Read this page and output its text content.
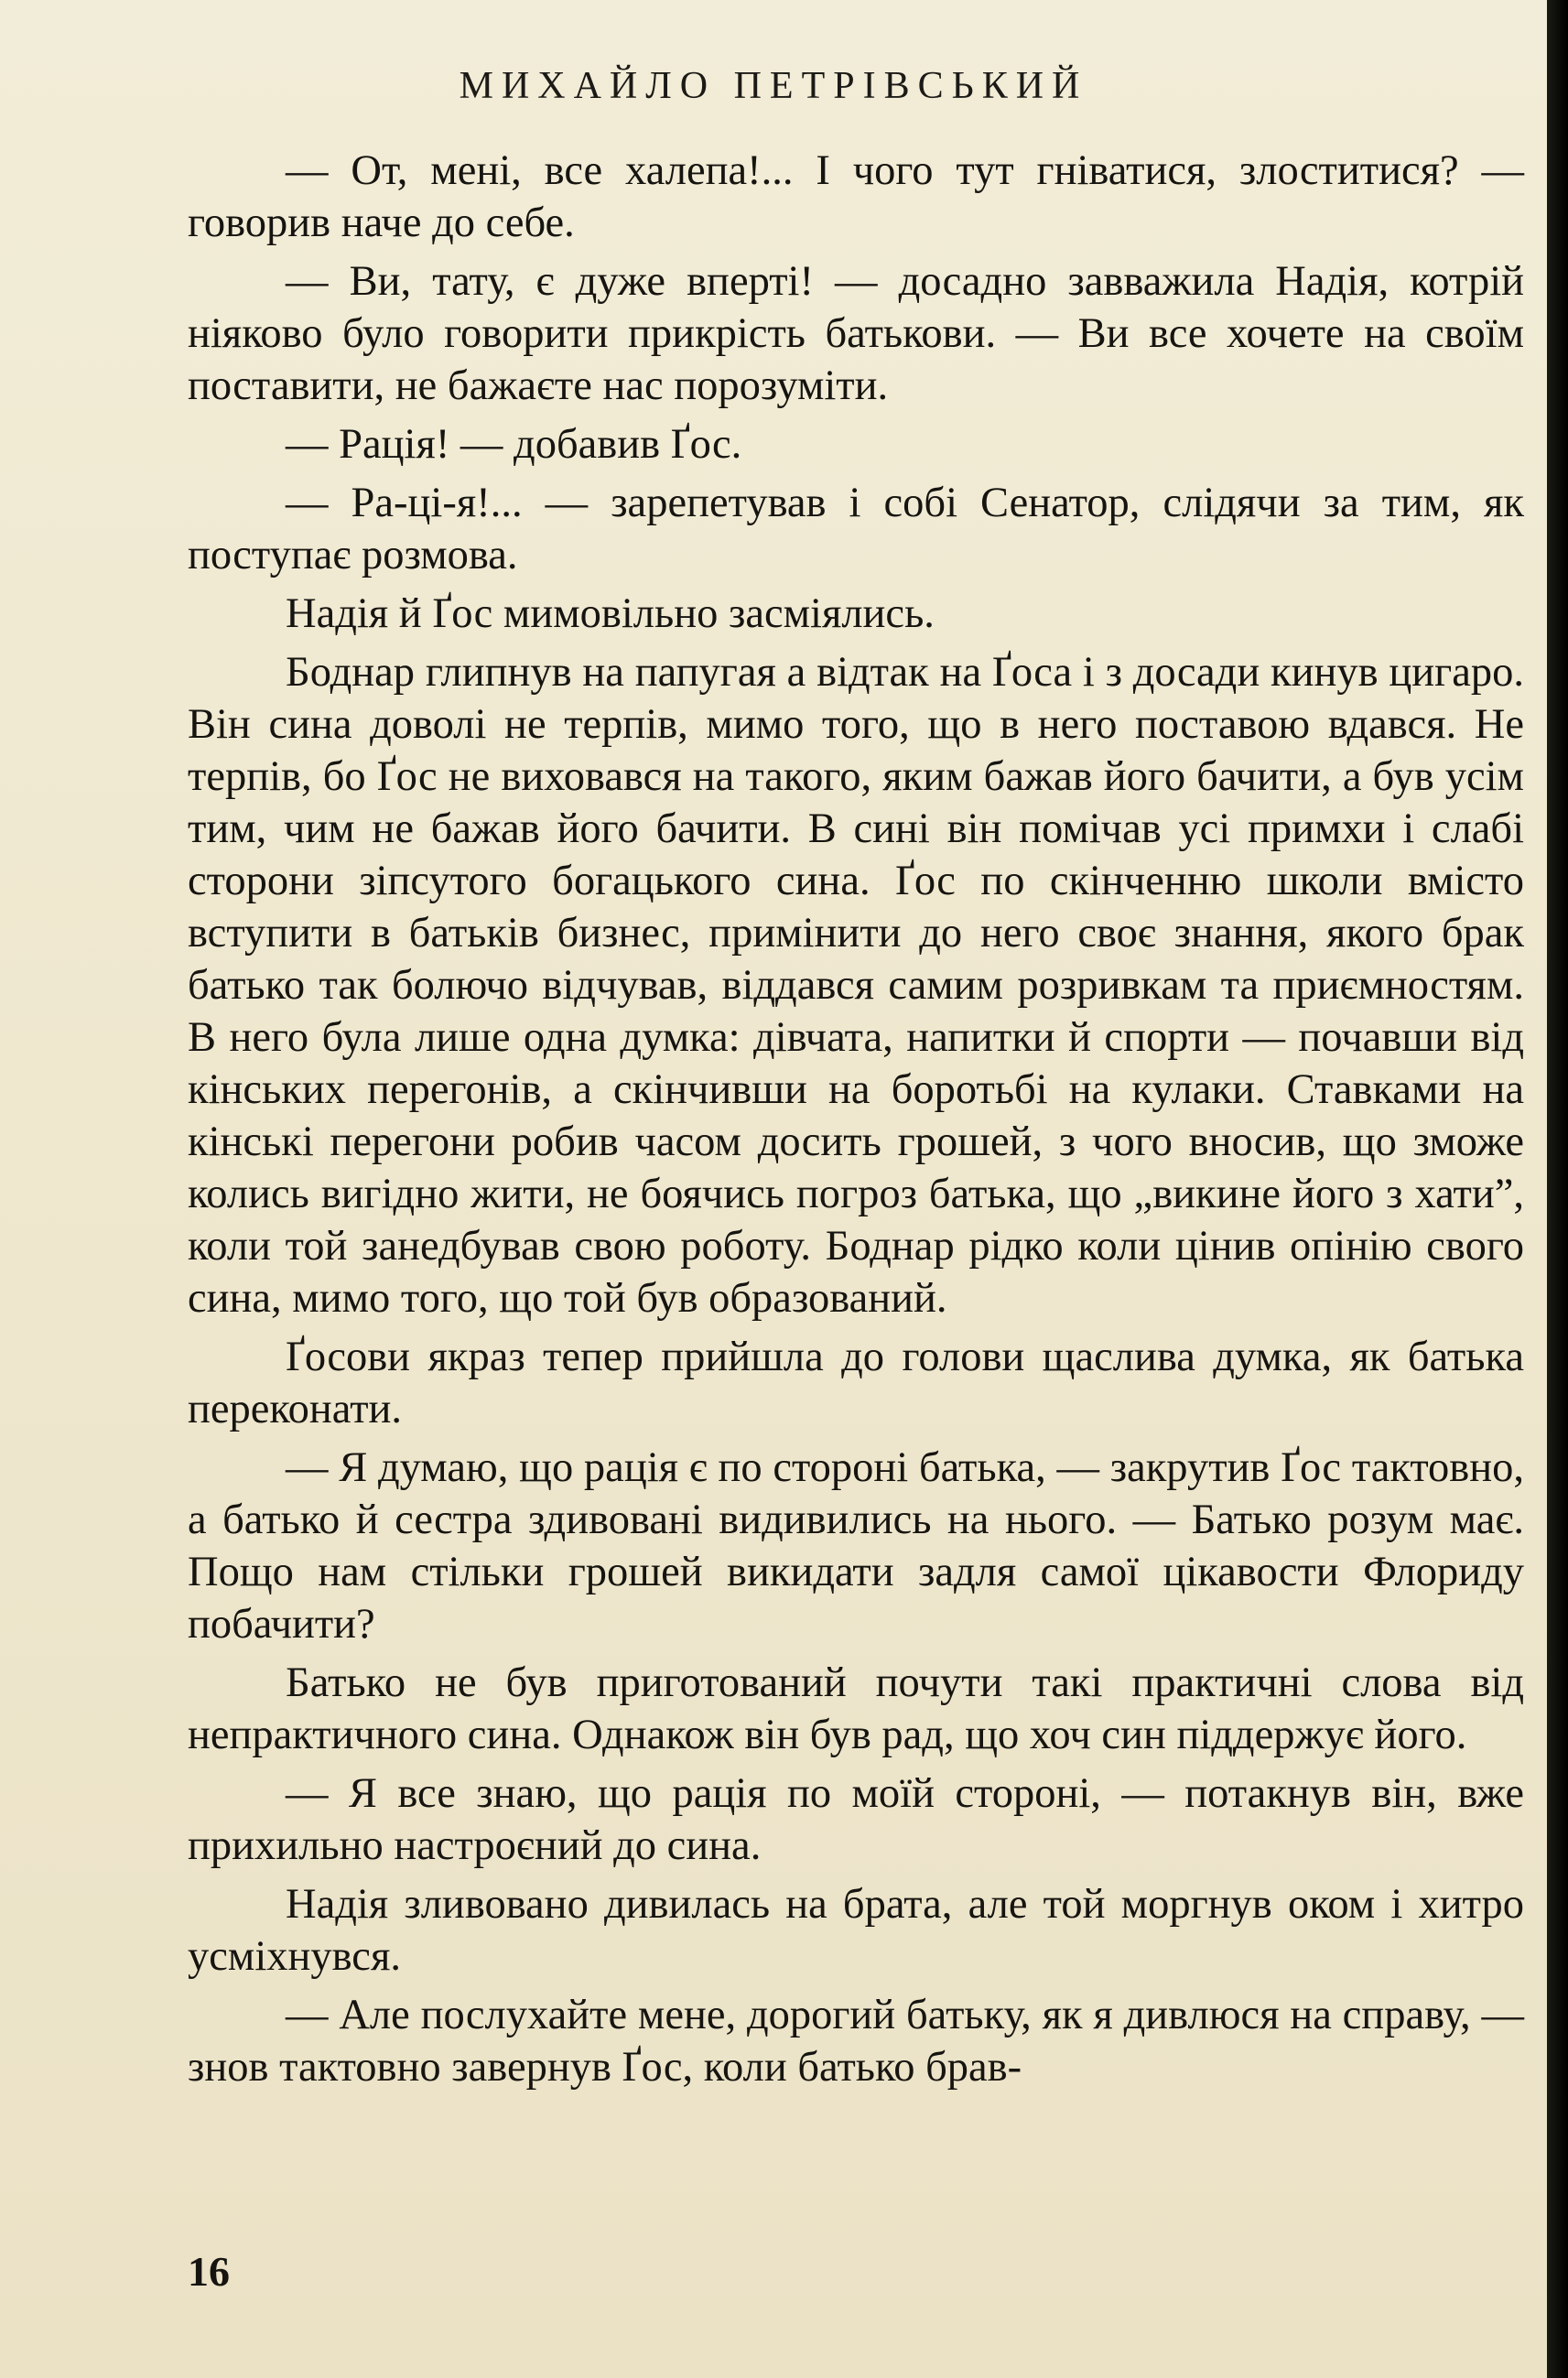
МИХАЙЛО ПЕТРІВСЬКИЙ

— От, мені, все халепа!... І чого тут гніватися, злоститися? — говорив наче до себе.

— Ви, тату, є дуже вперті! — досадно завважила Надія, котрій ніяково було говорити прикрість батькови. — Ви все хочете на своїм поставити, не бажаєте нас порозуміти.

— Рація! — добавив Ґос.

— Ра-ці-я!... — зарепетував і собі Сенатор, слідячи за тим, як поступає розмова.

Надія й Ґос мимовільно засміялись.

Боднар глипнув на папугая а відтак на Ґоса і з досади кинув цигаро. Він сина доволі не терпів, мимо того, що в него поставою вдався. Не терпів, бо Ґос не виховався на такого, яким бажав його бачити, а був усім тим, чим не бажав його бачити. В сині він помічав усі примхи і слабі сторони зіпсутого богацького сина. Ґос по скінченню школи вмісто вступити в батьків бизнес, примінити до него своє знання, якого брак батько так болючо відчував, віддався самим розривкам та приємностям. В него була лише одна думка: дівчата, напитки й спорти — почавши від кінських перегонів, а скінчивши на боротьбі на кулаки. Ставками на кінські перегони робив часом досить грошей, з чого вносив, що зможе колись вигідно жити, не боячись погроз батька, що „викине його з хати”, коли той занедбував свою роботу. Боднар рідко коли цінив опінію свого сина, мимо того, що той був образований.

Ґосови якраз тепер прийшла до голови щаслива думка, як батька переконати.

— Я думаю, що рація є по стороні батька, — закрутив Ґос тактовно, а батько й сестра здивовані видивились на нього. — Батько розум має. Пощо нам стільки грошей викидати задля самої цікавости Флориду побачити?

Батько не був приготований почути такі практичні слова від непрактичного сина. Однакож він був рад, що хоч син піддержує його.

— Я все знаю, що рація по моїй стороні, — потакнув він, вже прихильно настроєний до сина.

Надія зливовано дивилась на брата, але той моргнув оком і хитро усміхнувся.

— Але послухайте мене, дорогий батьку, як я дивлюся на справу, — знов тактовно завернув Ґос, коли батько брав-

16
